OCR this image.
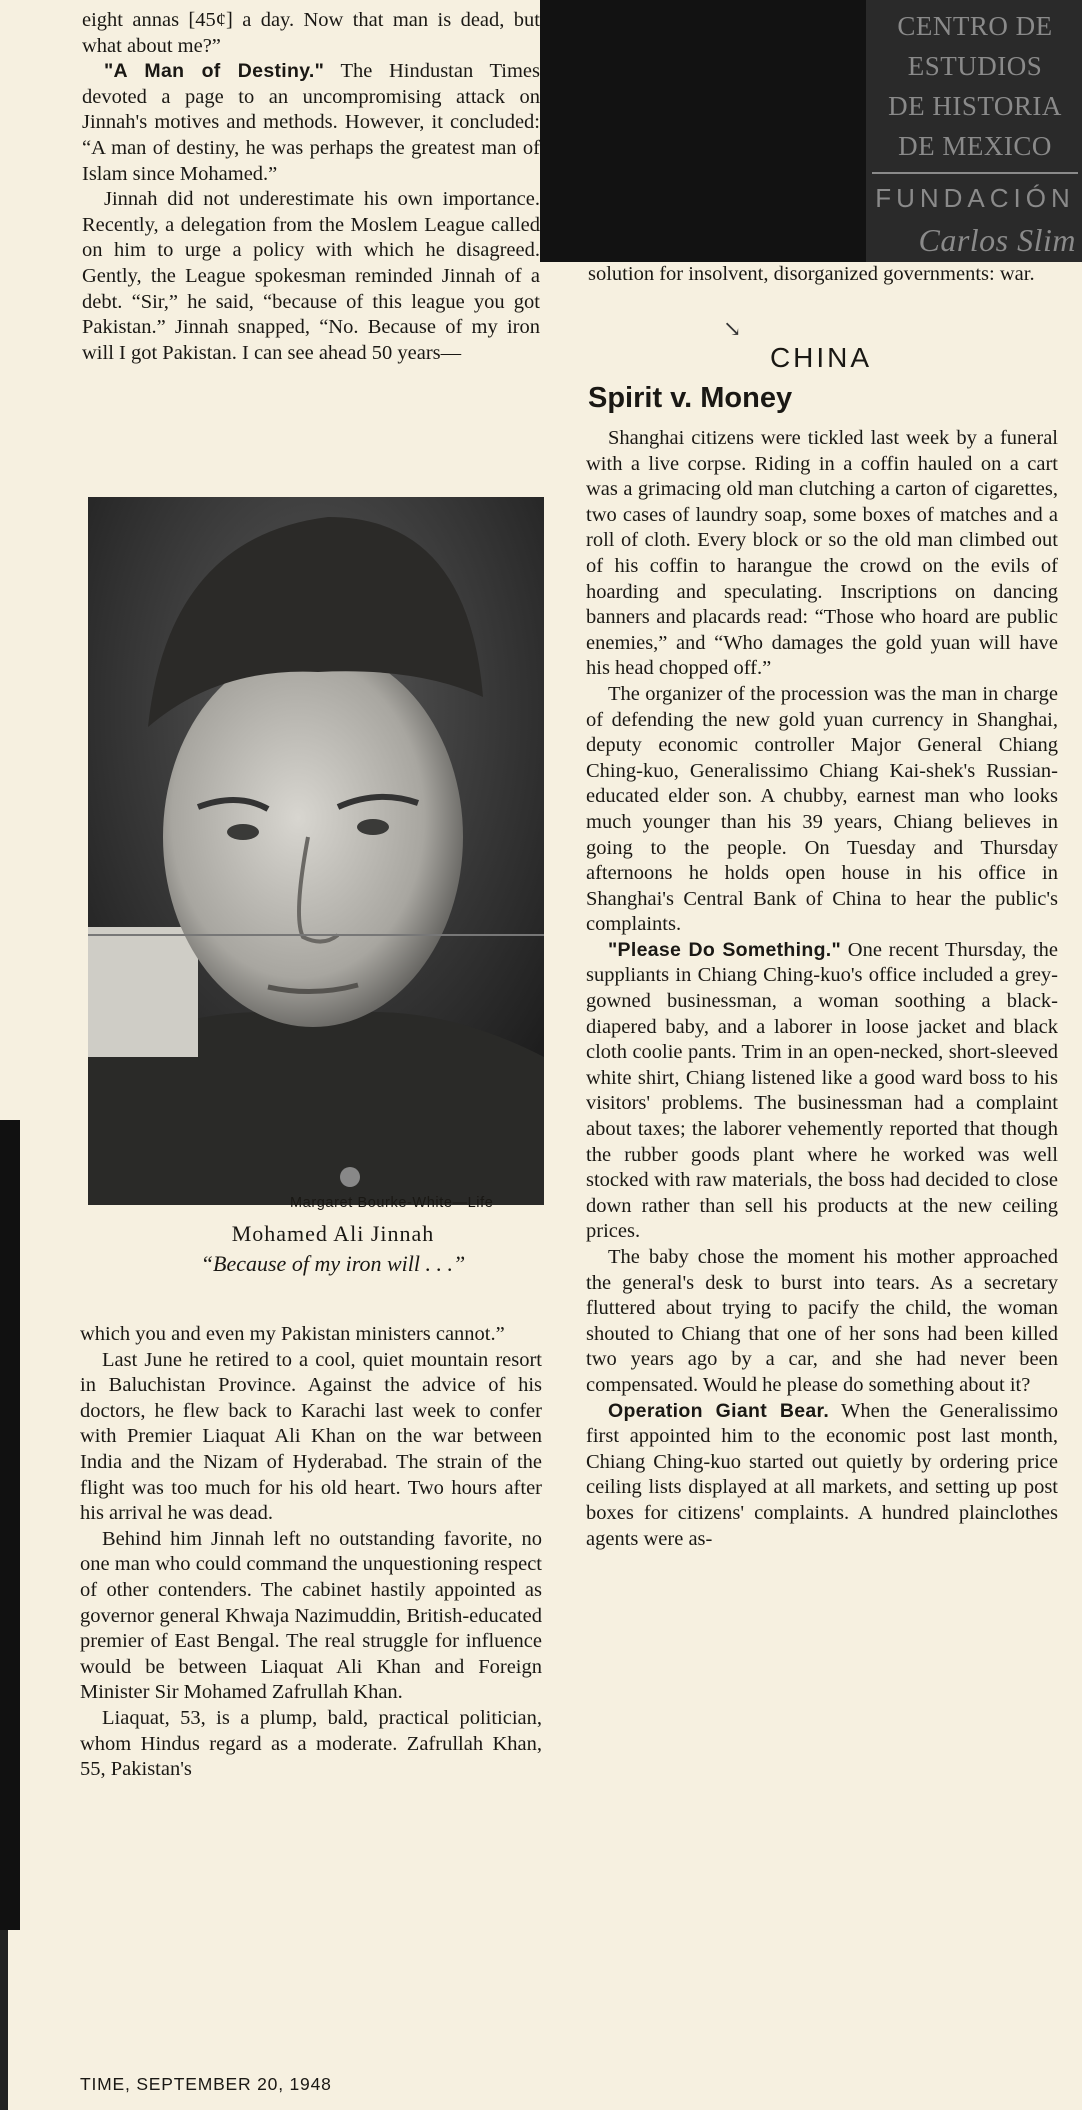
eight annas [45¢] a day. Now that man is dead, but what about me?”

"A Man of Destiny." The Hindustan Times devoted a page to an uncompromising attack on Jinnah's motives and methods. However, it concluded: “A man of destiny, he was perhaps the greatest man of Islam since Mohamed.”

Jinnah did not underestimate his own importance. Recently, a delegation from the Moslem League called on him to urge a policy with which he disagreed. Gently, the League spokesman reminded Jinnah of a debt. “Sir,” he said, “because of this league you got Pakistan.” Jinnah snapped, “No. Because of my iron will I got Pakistan. I can see ahead 50 years—

CENTRO DE
ESTUDIOS
DE HISTORIA
DE MEXICO
FUNDACIÓN
Carlos Slim
Margaret Bourke-White—Life
Mohamed Ali Jinnah
“Because of my iron will . . .”

which you and even my Pakistan ministers cannot.”

Last June he retired to a cool, quiet mountain resort in Baluchistan Province. Against the advice of his doctors, he flew back to Karachi last week to confer with Premier Liaquat Ali Khan on the war between India and the Nizam of Hyderabad. The strain of the flight was too much for his old heart. Two hours after his arrival he was dead.

Behind him Jinnah left no outstanding favorite, no one man who could command the unquestioning respect of other contenders. The cabinet hastily appointed as governor general Khwaja Nazimuddin, British-educated premier of East Bengal. The real struggle for influence would be between Liaquat Ali Khan and Foreign Minister Sir Mohamed Zafrullah Khan.

Liaquat, 53, is a plump, bald, practical politician, whom Hindus regard as a moderate. Zafrullah Khan, 55, Pakistan's

solution for insolvent, disorganized governments: war.

↘
CHINA
Spirit v. Money

Shanghai citizens were tickled last week by a funeral with a live corpse. Riding in a coffin hauled on a cart was a grimacing old man clutching a carton of cigarettes, two cases of laundry soap, some boxes of matches and a roll of cloth. Every block or so the old man climbed out of his coffin to harangue the crowd on the evils of hoarding and speculating. Inscriptions on dancing banners and placards read: “Those who hoard are public enemies,” and “Who damages the gold yuan will have his head chopped off.”

The organizer of the procession was the man in charge of defending the new gold yuan currency in Shanghai, deputy economic controller Major General Chiang Ching-kuo, Generalissimo Chiang Kai-shek's Russian-educated elder son. A chubby, earnest man who looks much younger than his 39 years, Chiang believes in going to the people. On Tuesday and Thursday afternoons he holds open house in his office in Shanghai's Central Bank of China to hear the public's complaints.

"Please Do Something." One recent Thursday, the suppliants in Chiang Ching-kuo's office included a grey-gowned businessman, a woman soothing a black-diapered baby, and a laborer in loose jacket and black cloth coolie pants. Trim in an open-necked, short-sleeved white shirt, Chiang listened like a good ward boss to his visitors' problems. The businessman had a complaint about taxes; the laborer vehemently reported that though the rubber goods plant where he worked was well stocked with raw materials, the boss had decided to close down rather than sell his products at the new ceiling prices.

The baby chose the moment his mother approached the general's desk to burst into tears. As a secretary fluttered about trying to pacify the child, the woman shouted to Chiang that one of her sons had been killed two years ago by a car, and she had never been compensated. Would he please do something about it?

Operation Giant Bear. When the Generalissimo first appointed him to the economic post last month, Chiang Ching-kuo started out quietly by ordering price ceiling lists displayed at all markets, and setting up post boxes for citizens' complaints. A hundred plainclothes agents were as-

TIME, SEPTEMBER 20, 1948
